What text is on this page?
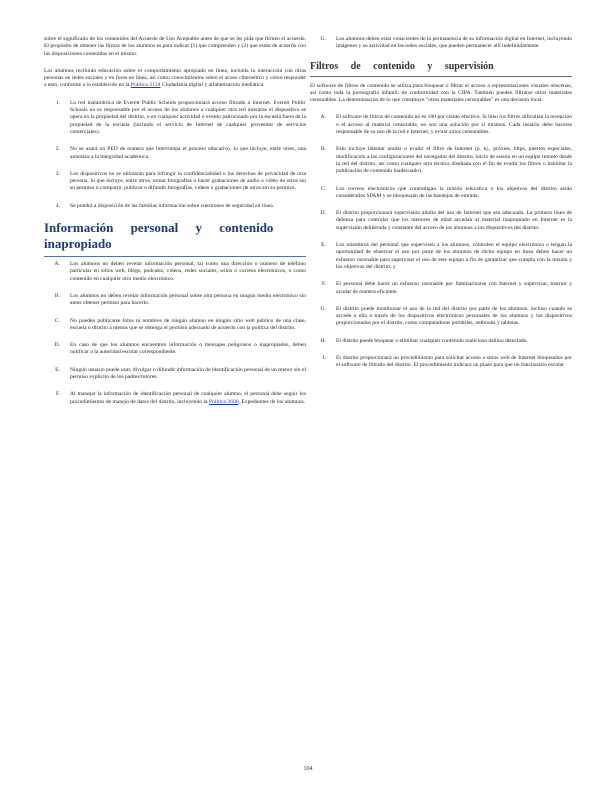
sobre el significado de los contenidos del Acuerdo de Uso Aceptable antes de que se les pida que firmen el acuerdo. El propósito de obtener las firmas de los alumnos es para indicar (1) que comprenden y (2) que están de acuerdo con las disposiciones contenidas en el mismo.

Los alumnos recibirán educación sobre el comportamiento apropiado en línea, incluida la interacción con otras personas en redes sociales y en foros en línea, así como conocimientos sobre el acoso cibernético y cómo responder a esto, conforme a lo establecido en la Política 2124 Ciudadanía digital y alfabetización mediática.

1.	La red inalámbrica de Everett Public Schools proporcionará acceso filtrado a Internet. Everett Public Schools no es responsable por el acceso de los alumnos a cualquier otra red mientras el dispositivo se opera en la propiedad del distrito, o en cualquier actividad o evento patrocinado por la escuela fuera de la propiedad de la escuela (incluido el servicio de Internet de cualquier proveedor de servicios comerciales).
2.	No se usará un PED de manera que interrumpa el proceso educativo, lo que incluye, entre otros, una amenaza a la integridad académica.
3.	Los dispositivos no se utilizarán para infringir la confidencialidad o los derechos de privacidad de otra persona, lo que incluye, entre otros, tomar fotografías o hacer grabaciones de audio o video de otros sin su permiso o compartir, publicar o difundir fotografías, videos o grabaciones de otros sin su permiso.
4.	Se pondrá a disposición de las familias información sobre cuestiones de seguridad en línea.
Información personal y contenido inapropiado
A.	Los alumnos no deben revelar información personal, tal como una dirección o número de teléfono particular en sitios web, blogs, podcasts, videos, redes sociales, wikis o correos electrónicos, o como contenido en cualquier otro medio electrónico.
B.	Los alumnos no deben revelar información personal sobre otra persona en ningún medio electrónico sin antes obtener permiso para hacerlo.
C.	No pueden publicarse fotos ni nombres de ningún alumno en ningún sitio web público de una clase, escuela o distrito a menos que se obtenga el permiso adecuado de acuerdo con la política del distrito.
D.	En caso de que los alumnos encuentren información o mensajes peligrosos o inapropiados, deben notificar a la autoridad escolar correspondiente.
E.	Ningún usuario puede usar, divulgar o difundir información de identificación personal de un menor sin el permiso explícito de los padres/tutores.
F.	Al manejar la información de identificación personal de cualquier alumno, el personal debe seguir los procedimientos de manejo de datos del distrito, incluyendo la Política 3600, Expedientes de los alumnos.
G.	Los alumnos deben estar conscientes de la permanencia de su información digital en Internet, incluyendo imágenes y su actividad en las redes sociales, que pueden permanecer allí indefinidamente.
Filtros de contenido y supervisión

El software de filtros de contenido se utiliza para bloquear o filtrar el acceso a representaciones visuales obscenas, así como toda la pornografía infantil, de conformidad con la CIPA. También pueden filtrarse otros materiales censurables. La determinación de lo que constituye "otros materiales censurables" es una decisión local.

A.	El software de filtros de contenido no es 100 por ciento efectivo. Si bien los filtros dificultan la recepción o el acceso al material censurable, no son una solución por sí mismos. Cada usuario debe hacerse responsable de su uso de la red e Internet, y evitar sitios censurables.
B.	Esto incluye intentar anular o evadir el filtro de Internet (p. ej., proxies, https, puertos especiales, modificación a las configuraciones del navegador del distrito, inicio de sesión en un equipo remoto desde la red del distrito, así como cualquier otra técnica diseñada con el fin de evadir los filtros o habilitar la publicación de contenido inadecuado).
C.	Los correos electrónicos que contradigan la misión educativa o los objetivos del distrito serán considerados SPAM y se bloquearán de las bandejas de entrada.
D.	El distrito proporcionará supervisión adulta del uso de Internet que sea adecuada. La primera línea de defensa para controlar que los menores de edad accedan al material inapropiado en Internet es la supervisión deliberada y constante del acceso de los alumnos a los dispositivos del distrito.
E.	Los miembros del personal que supervisen a los alumnos, controlen el equipo electrónico o tengan la oportunidad de observar el uso por parte de los alumnos de dicho equipo en línea deben hacer un esfuerzo razonable para supervisar el uso de este equipo a fin de garantizar que cumpla con la misión y los objetivos del distrito; y
F.	El personal debe hacer un esfuerzo razonable por familiarizarse con Internet y supervisar, instruir y ayudar de manera eficiente.
G.	El distrito puede monitorear el uso de la red del distrito por parte de los alumnos, incluso cuando se accede a ella a través de los dispositivos electrónicos personales de los alumnos y los dispositivos proporcionados por el distrito, como computadoras portátiles, netbooks y tabletas.
H.	El distrito puede bloquear o eliminar cualquier contenido malicioso dañino detectado.
I.	El distrito proporcionará un procedimiento para solicitar acceso a sitios web de Internet bloqueados por el software de filtrado del distrito. El procedimiento indicará un plazo para que un funcionario escolar
104
